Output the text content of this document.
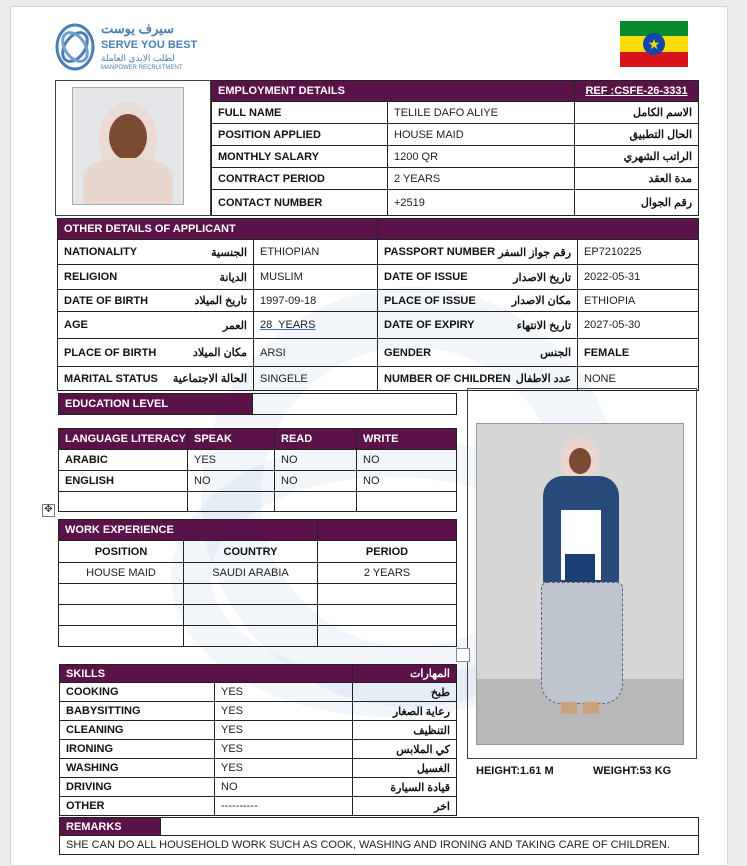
سيرف يوست
SERVE YOU BEST
لطلب الايدي العاملة
MANPOWER RECRUITMENT
★
EMPLOYMENT DETAILS		REF :CSFE-26-3331
FULL NAME	TELILE DAFO ALIYE	الاسم الكامل
POSITION APPLIED	HOUSE MAID	الحال التطبيق
MONTHLY SALARY	1200 QR	الراتب الشهري
CONTRACT PERIOD	2 YEARS	مدة العقد
CONTACT NUMBER	+2519	رقم الجوال
OTHER DETAILS OF APPLICANT			

NATIONALITY الجنسية	ETHIOPIAN	PASSPORT NUMBER رقم جواز السفر	EP7210225

RELIGION الديانة	MUSLIM	DATE OF ISSUE تاريخ الاصدار	2022-05-31

DATE OF BIRTH تاريخ الميلاد	1997-09-18	PLACE OF ISSUE مكان الاصدار	ETHIOPIA

AGE العمر	28  YEARS	DATE OF EXPIRY تاريخ الانتهاء	2027-05-30

PLACE OF BIRTH مكان الميلاد	ARSI	GENDER الجنس	FEMALE

MARITAL STATUS الحالة الاجتماعية	SINGELE	NUMBER OF CHILDREN عدد الاطفال	NONE
EDUCATION LEVEL	
LANGUAGE LITERACY	SPEAK	READ	WRITE
ARABIC	YES	NO	NO
ENGLISH	NO	NO	NO

✥
WORK EXPERIENCE		
POSITION	COUNTRY	PERIOD
HOUSE MAID	SAUDI ARABIA	2 YEARS

HEIGHT:1.61 M	WEIGHT:53 KG
SKILLS		المهارات
COOKING	YES	طبخ
BABYSITTING	YES	رعاية الصغار
CLEANING	YES	التنظيف
IRONING	YES	كي الملابس
WASHING	YES	الغسيل
DRIVING	NO	قيادة السيارة
OTHER	----------	اخر
REMARKS	
SHE CAN DO ALL HOUSEHOLD WORK SUCH AS COOK, WASHING AND IRONING AND TAKING CARE OF CHILDREN.
